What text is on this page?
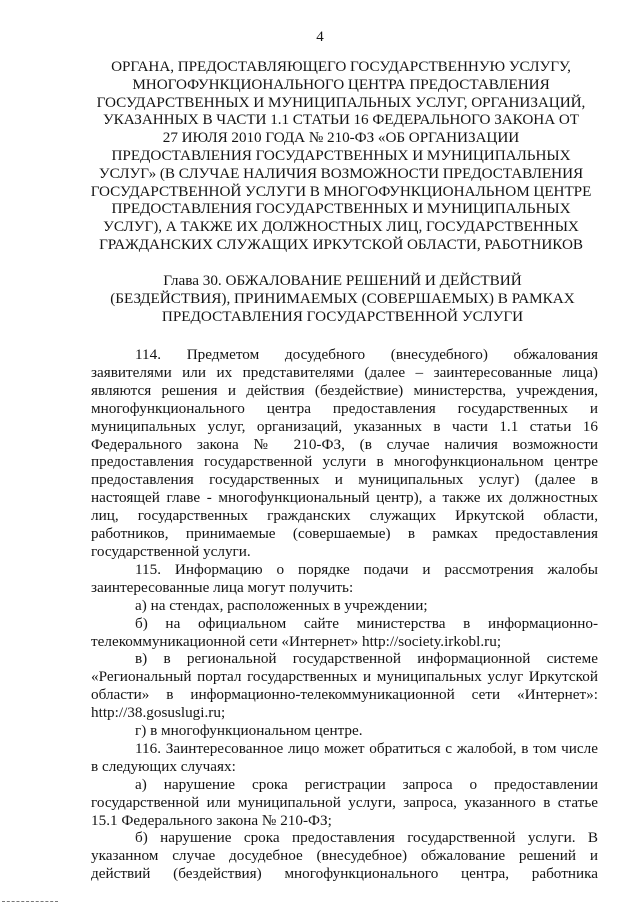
4
ОРГАНА, ПРЕДОСТАВЛЯЮЩЕГО ГОСУДАРСТВЕННУЮ УСЛУГУ,
МНОГОФУНКЦИОНАЛЬНОГО ЦЕНТРА ПРЕДОСТАВЛЕНИЯ
ГОСУДАРСТВЕННЫХ И МУНИЦИПАЛЬНЫХ УСЛУГ, ОРГАНИЗАЦИЙ,
УКАЗАННЫХ В ЧАСТИ 1.1 СТАТЬИ 16 ФЕДЕРАЛЬНОГО ЗАКОНА ОТ
27 ИЮЛЯ 2010 ГОДА № 210-ФЗ «ОБ ОРГАНИЗАЦИИ
ПРЕДОСТАВЛЕНИЯ ГОСУДАРСТВЕННЫХ И МУНИЦИПАЛЬНЫХ
УСЛУГ» (В СЛУЧАЕ НАЛИЧИЯ ВОЗМОЖНОСТИ ПРЕДОСТАВЛЕНИЯ
ГОСУДАРСТВЕННОЙ УСЛУГИ В МНОГОФУНКЦИОНАЛЬНОМ ЦЕНТРЕ
ПРЕДОСТАВЛЕНИЯ ГОСУДАРСТВЕННЫХ И МУНИЦИПАЛЬНЫХ
УСЛУГ), А ТАКЖЕ ИХ ДОЛЖНОСТНЫХ ЛИЦ, ГОСУДАРСТВЕННЫХ
ГРАЖДАНСКИХ СЛУЖАЩИХ ИРКУТСКОЙ ОБЛАСТИ, РАБОТНИКОВ
Глава 30. ОБЖАЛОВАНИЕ РЕШЕНИЙ И ДЕЙСТВИЙ
(БЕЗДЕЙСТВИЯ), ПРИНИМАЕМЫХ (СОВЕРШАЕМЫХ) В РАМКАХ
ПРЕДОСТАВЛЕНИЯ ГОСУДАРСТВЕННОЙ УСЛУГИ
114. Предметом досудебного (внесудебного) обжалования
заявителями или их представителями (далее – заинтересованные лица)
являются решения и действия (бездействие) министерства, учреждения,
многофункционального центра предоставления государственных и
муниципальных услуг, организаций, указанных в части 1.1 статьи 16
Федерального закона № 210-ФЗ, (в случае наличия возможности
предоставления государственной услуги в многофункциональном центре
предоставления государственных и муниципальных услуг) (далее в
настоящей главе - многофункциональный центр), а также их должностных
лиц, государственных гражданских служащих Иркутской области,
работников, принимаемые (совершаемые) в рамках предоставления
государственной услуги.
115. Информацию о порядке подачи и рассмотрения жалобы
заинтересованные лица могут получить:
а) на стендах, расположенных в учреждении;
б) на официальном сайте министерства в информационно-
телекоммуникационной сети «Интернет» http://society.irkobl.ru;
в) в региональной государственной информационной системе
«Региональный портал государственных и муниципальных услуг Иркутской
области» в информационно-телекоммуникационной сети «Интернет»:
http://38.gosuslugi.ru;
г) в многофункциональном центре.
116. Заинтересованное лицо может обратиться с жалобой, в том числе
в следующих случаях:
а) нарушение срока регистрации запроса о предоставлении
государственной или муниципальной услуги, запроса, указанного в статье
15.1 Федерального закона № 210-ФЗ;
б) нарушение срока предоставления государственной услуги. В
указанном случае досудебное (внесудебное) обжалование решений и
действий (бездействия) многофункционального центра, работника
